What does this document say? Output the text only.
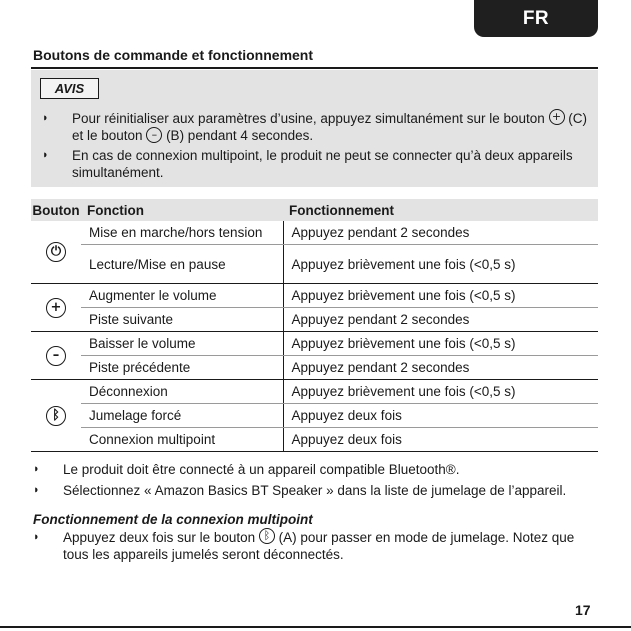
FR
Boutons de commande et fonctionnement
AVIS
◗ Pour réinitialiser aux paramètres d’usine, appuyez simultanément sur le bouton + (C) et le bouton – (B) pendant 4 secondes.
◗ En cas de connexion multipoint, le produit ne peut se connecter qu’à deux appareils simultanément.
Bouton	Fonction	Fonctionnement
⏻	Mise en marche/hors tension	Appuyez pendant 2 secondes
	Lecture/Mise en pause	Appuyez brièvement une fois (<0,5 s)
+	Augmenter le volume	Appuyez brièvement une fois (<0,5 s)
	Piste suivante	Appuyez pendant 2 secondes
–	Baisser le volume	Appuyez brièvement une fois (<0,5 s)
	Piste précédente	Appuyez pendant 2 secondes
ᛒ	Déconnexion	Appuyez brièvement une fois (<0,5 s)
	Jumelage forcé	Appuyez deux fois
	Connexion multipoint	Appuyez deux fois
◗ Le produit doit être connecté à un appareil compatible Bluetooth®.
◗ Sélectionnez « Amazon Basics BT Speaker » dans la liste de jumelage de l’appareil.
Fonctionnement de la connexion multipoint
◗ Appuyez deux fois sur le bouton ᛒ (A) pour passer en mode de jumelage. Notez que tous les appareils jumelés seront déconnectés.
17
